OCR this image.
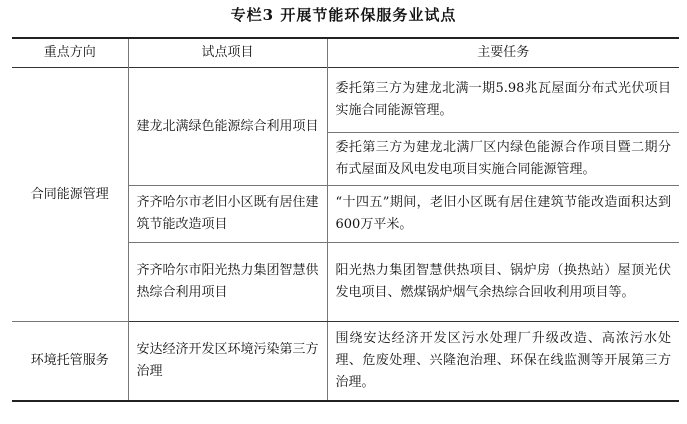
专栏3 开展节能环保服务业试点
重点方向	试点项目	主要任务
合同能源管理	建龙北满绿色能源综合利用项目	委托第三方为建龙北满一期5.98兆瓦屋面分布式光伏项目实施合同能源管理。
		委托第三方为建龙北满厂区内绿色能源合作项目暨二期分布式屋面及风电发电项目实施合同能源管理。
	齐齐哈尔市老旧小区既有居住建筑节能改造项目	“十四五”期间，老旧小区既有居住建筑节能改造面积达到600万平米。
	齐齐哈尔市阳光热力集团智慧供热综合利用项目	阳光热力集团智慧供热项目、锅炉房（换热站）屋顶光伏发电项目、燃煤锅炉烟气余热综合回收利用项目等。
环境托管服务	安达经济开发区环境污染第三方治理	围绕安达经济开发区污水处理厂升级改造、高浓污水处理、危废处理、兴隆泡治理、环保在线监测等开展第三方治理。
